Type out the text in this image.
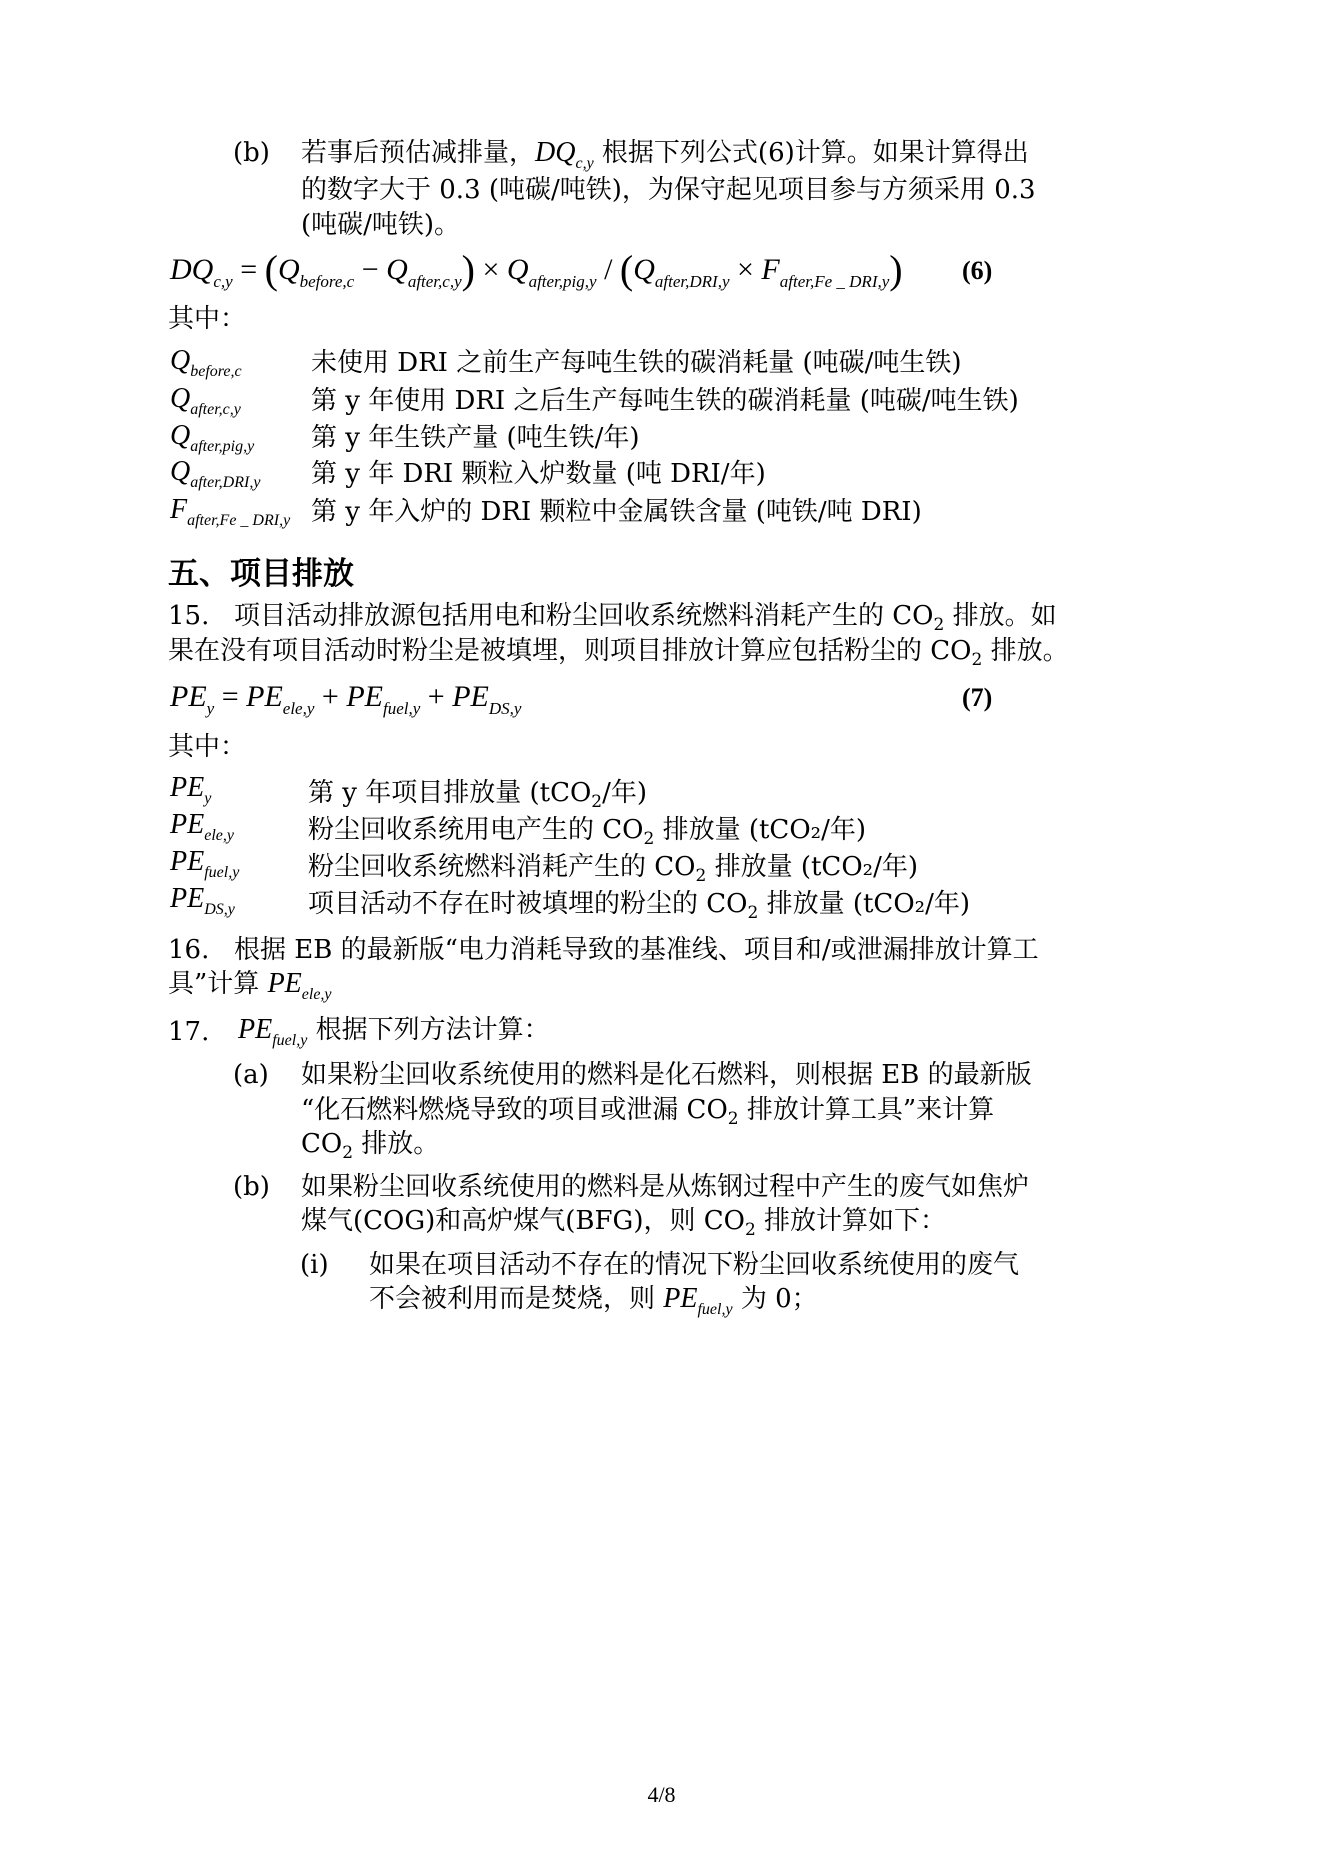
(b) 若事后预估减排量，$DQ_{c,y}$ 根据下列公式(6)计算。如果计算得出
的数字大于 0.3 (吨碳/吨铁)，为保守起见项目参与方须采用 0.3
(吨碳/吨铁)。
$DQ_{c,y} = (Q_{before,c} - Q_{after,c,y}) \times Q_{after,pig,y} / (Q_{after,DRI,y} \times F_{after,Fe \_ DRI,y})$ (6)
其中：
$Q_{before,c}$	未使用 DRI 之前生产每吨生铁的碳消耗量 (吨碳/吨生铁)
$Q_{after,c,y}$	第 y 年使用 DRI 之后生产每吨生铁的碳消耗量 (吨碳/吨生铁)
$Q_{after,pig,y}$ 第 y 年生铁产量 (吨生铁/年)
$Q_{after,DRI,y}$ 第 y 年 DRI 颗粒入炉数量 (吨 DRI/年)
$F_{after,Fe \_ DRI,y}$ 第 y 年入炉的 DRI 颗粒中金属铁含量 (吨铁/吨 DRI)
五、项目排放
15. 项目活动排放源包括用电和粉尘回收系统燃料消耗产生的 $CO_2$ 排放。如
果在没有项目活动时粉尘是被填埋，则项目排放计算应包括粉尘的 $CO_2$ 排放。
$PE_y = PE_{ele,y} + PE_{fuel,y} + PE_{DS,y}$	(7)
其中：
$PE_y$	第 y 年项目排放量 (tCO$_2$/年)
$PE_{ele,y}$	粉尘回收系统用电产生的 $CO_2$ 排放量 (tCO₂/年)
$PE_{fuel,y}$	粉尘回收系统燃料消耗产生的 $CO_2$ 排放量 (tCO₂/年)
$PE_{DS,y}$	项目活动不存在时被填埋的粉尘的 $CO_2$ 排放量 (tCO₂/年)
16. 根据 EB 的最新版“电力消耗导致的基准线、项目和/或泄漏排放计算工
具”计算 $PE_{ele,y}$
17. $PE_{fuel,y}$ 根据下列方法计算：
(a) 如果粉尘回收系统使用的燃料是化石燃料，则根据 EB 的最新版
“化石燃料燃烧导致的项目或泄漏 $CO_2$ 排放计算工具”来计算
$CO_2$ 排放。
(b) 如果粉尘回收系统使用的燃料是从炼钢过程中产生的废气如焦炉
煤气(COG)和高炉煤气(BFG)，则 $CO_2$ 排放计算如下：
(i) 如果在项目活动不存在的情况下粉尘回收系统使用的废气
不会被利用而是焚烧，则 $PE_{fuel,y}$ 为 0；
4/8
